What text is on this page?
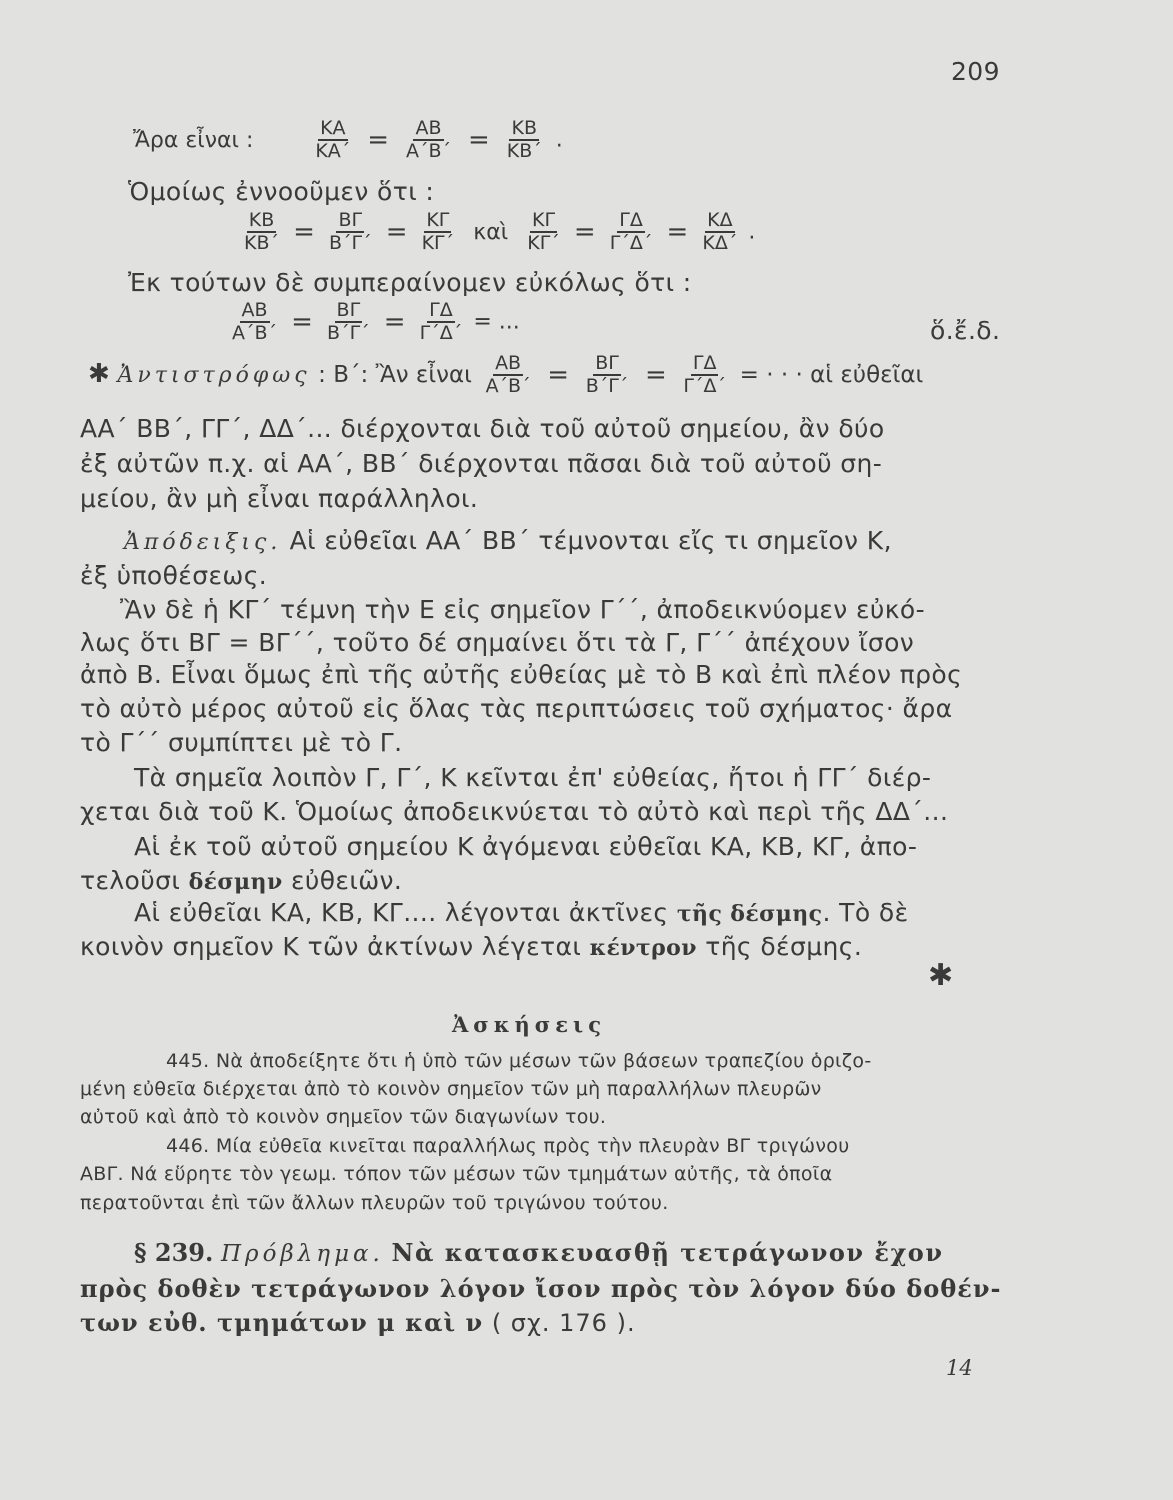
209
Ἄρα εἶναι :	$\frac{KA}{KA΄} = \frac{AB}{A΄B΄} = \frac{KB}{KB΄}$ .
Ὁμοίως ἐννοοῦμεν ὅτι :
$\frac{KB}{KB΄} = \frac{B\Gamma}{B΄\Gamma΄} = \frac{K\Gamma}{K\Gamma΄}$ καὶ $\frac{K\Gamma}{K\Gamma΄} = \frac{\Gamma\Delta}{\Gamma΄\Delta΄} = \frac{K\Delta}{K\Delta΄}$ .
Ἐκ τούτων δὲ συμπεραίνομεν εὐκόλως ὅτι :
$\frac{AB}{A΄B΄} = \frac{B\Gamma}{B΄\Gamma΄} = \frac{\Gamma\Delta}{\Gamma΄\Delta΄}$ = ...	ὅ.ἔ.δ.
✱ Ἀντιστρόφως : Β΄: Ἂν εἶναι $\frac{AB}{A΄B΄} = \frac{B\Gamma}{B΄\Gamma΄} = \frac{\Gamma\Delta}{\Gamma΄\Delta΄}$ = · · · αἱ εὐθεῖαι
ΑΑ΄ ΒΒ΄, ΓΓ΄, ΔΔ΄... διέρχονται διὰ τοῦ αὐτοῦ σημείου, ἂν δύο
ἐξ αὐτῶν π.χ. αἱ ΑΑ΄, ΒΒ΄ διέρχονται πᾶσαι διὰ τοῦ αὐτοῦ ση-
μείου, ἂν μὴ εἶναι παράλληλοι.
Ἀπόδειξις. Αἱ εὐθεῖαι ΑΑ΄ ΒΒ΄ τέμνονται εἴς τι σημεῖον Κ,
ἐξ ὑποθέσεως.
Ἂν δὲ ἡ ΚΓ΄ τέμνη τὴν Ε εἰς σημεῖον Γ΄΄, ἀποδεικνύομεν εὐκό-
λως ὅτι ΒΓ = ΒΓ΄΄, τοῦτο δέ σημαίνει ὅτι τὰ Γ, Γ΄΄ ἀπέχουν ἴσον
ἀπὸ Β. Εἶναι ὅμως ἐπὶ τῆς αὐτῆς εὐθείας μὲ τὸ Β καὶ ἐπὶ πλέον πρὸς
τὸ αὐτὸ μέρος αὐτοῦ εἰς ὅλας τὰς περιπτώσεις τοῦ σχήματος· ἄρα
τὸ Γ΄΄ συμπίπτει μὲ τὸ Γ.
Τὰ σημεῖα λοιπὸν Γ, Γ΄, Κ κεῖνται ἐπ' εὐθείας, ἤτοι ἡ ΓΓ΄ διέρ-
χεται διὰ τοῦ Κ. Ὁμοίως ἀποδεικνύεται τὸ αὐτὸ καὶ περὶ τῆς ΔΔ΄...
Αἱ ἐκ τοῦ αὐτοῦ σημείου Κ ἀγόμεναι εὐθεῖαι ΚΑ, ΚΒ, ΚΓ, ἀπο-
τελοῦσι δέσμην εὐθειῶν.
Αἱ εὐθεῖαι ΚΑ, ΚΒ, ΚΓ.... λέγονται ἀκτῖνες τῆς δέσμης. Τὸ δὲ
κοινὸν σημεῖον Κ τῶν ἀκτίνων λέγεται κέντρον τῆς δέσμης.
✱
Ἀσκήσεις
445. Νὰ ἀποδείξητε ὅτι ἡ ὑπὸ τῶν μέσων τῶν βάσεων τραπεζίου ὁριζο-
μένη εὐθεῖα διέρχεται ἀπὸ τὸ κοινὸν σημεῖον τῶν μὴ παραλλήλων πλευρῶν
αὐτοῦ καὶ ἀπὸ τὸ κοινὸν σημεῖον τῶν διαγωνίων του.
446. Μία εὐθεῖα κινεῖται παραλλήλως πρὸς τὴν πλευρὰν ΒΓ τριγώνου
ΑΒΓ. Νά εὕρητε τὸν γεωμ. τόπον τῶν μέσων τῶν τμημάτων αὐτῆς, τὰ ὁποῖα
περατοῦνται ἐπὶ τῶν ἄλλων πλευρῶν τοῦ τριγώνου τούτου.
§ 239. Πρόβλημα. Νὰ κατασκευασθῇ τετράγωνον ἔχον
πρὸς δοθὲν τετράγωνον λόγον ἴσον πρὸς τὸν λόγον δύο δοθέν-
των εὐθ. τμημάτων μ καὶ ν ( σχ. 176 ).
14
